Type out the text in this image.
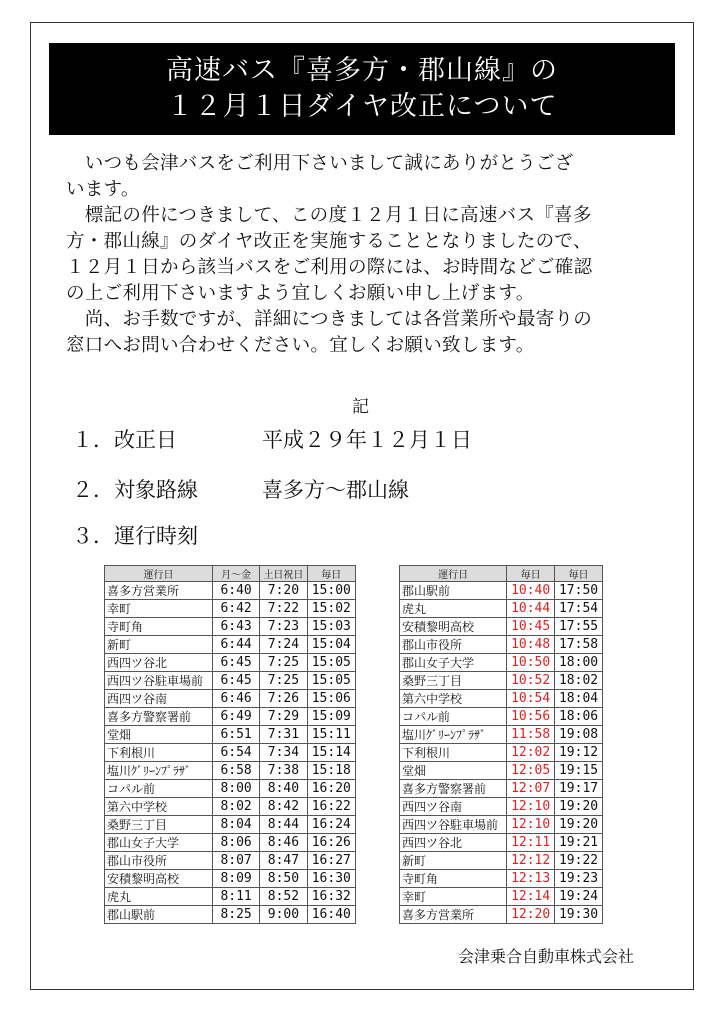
高速バス『喜多方・郡山線』の
１２月１日ダイヤ改正について

　いつも会津バスをご利用下さいまして誠にありがとうござ

います。

　標記の件につきまして、この度１２月１日に高速バス『喜多

方・郡山線』のダイヤ改正を実施することとなりましたので、

１２月１日から該当バスをご利用の際には、お時間などご確認

の上ご利用下さいますよう宜しくお願い申し上げます。

　尚、お手数ですが、詳細につきましては各営業所や最寄りの

窓口へお問い合わせください。宜しくお願い致します。

記
１．改正日	平成２９年１２月１日
２．対象路線	喜多方～郡山線
３．運行時刻
運行日	月～金	土日祝日	毎日
喜多方営業所	6:40	7:20	15:00
幸町	6:42	7:22	15:02
寺町角	6:43	7:23	15:03
新町	6:44	7:24	15:04
西四ツ谷北	6:45	7:25	15:05
西四ツ谷駐車場前	6:45	7:25	15:05
西四ツ谷南	6:46	7:26	15:06
喜多方警察署前	6:49	7:29	15:09
堂畑	6:51	7:31	15:11
下利根川	6:54	7:34	15:14
塩川ｸﾞﾘｰﾝﾌﾟﾗｻﾞ	6:58	7:38	15:18
コパル前	8:00	8:40	16:20
第六中学校	8:02	8:42	16:22
桑野三丁目	8:04	8:44	16:24
郡山女子大学	8:06	8:46	16:26
郡山市役所	8:07	8:47	16:27
安積黎明高校	8:09	8:50	16:30
虎丸	8:11	8:52	16:32
郡山駅前	8:25	9:00	16:40
運行日	毎日	毎日
郡山駅前	10:40	17:50
虎丸	10:44	17:54
安積黎明高校	10:45	17:55
郡山市役所	10:48	17:58
郡山女子大学	10:50	18:00
桑野三丁目	10:52	18:02
第六中学校	10:54	18:04
コパル前	10:56	18:06
塩川ｸﾞﾘｰﾝﾌﾟﾗｻﾞ	11:58	19:08
下利根川	12:02	19:12
堂畑	12:05	19:15
喜多方警察署前	12:07	19:17
西四ツ谷南	12:10	19:20
西四ツ谷駐車場前	12:10	19:20
西四ツ谷北	12:11	19:21
新町	12:12	19:22
寺町角	12:13	19:23
幸町	12:14	19:24
喜多方営業所	12:20	19:30
会津乗合自動車株式会社
